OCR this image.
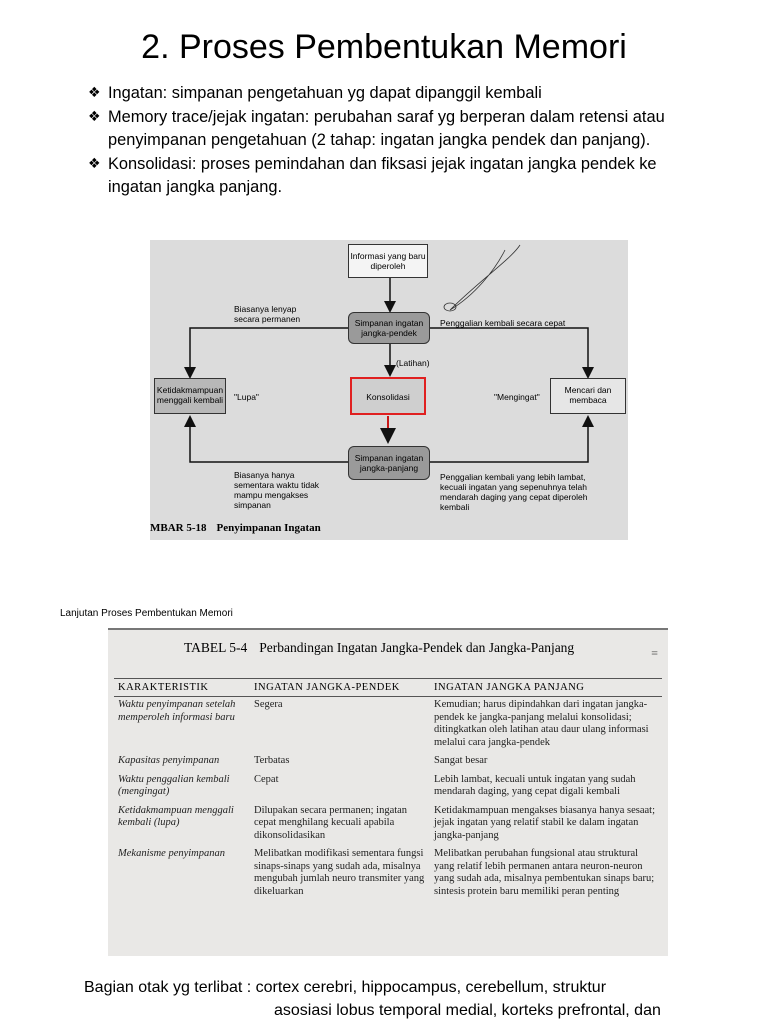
2. Proses Pembentukan Memori
❖ Ingatan: simpanan pengetahuan yg dapat dipanggil kembali
❖ Memory trace/jejak ingatan: perubahan saraf yg berperan dalam retensi atau penyimpanan pengetahuan (2 tahap: ingatan jangka pendek dan panjang).
❖ Konsolidasi: proses pemindahan dan fiksasi jejak ingatan jangka pendek ke ingatan jangka panjang.
Informasi yang baru diperoleh
Simpanan ingatan jangka-pendek
Konsolidasi
(Latihan)
Simpanan ingatan jangka-panjang
Ketidakmampuan menggali kembali	"Lupa"	"Mengingat"
Mencari dan membaca
Biasanya lenyap secara permanen	Penggalian kembali secara cepat
Biasanya hanya sementara waktu tidak mampu mengakses simpanan
Penggalian kembali yang lebih lambat, kecuali ingatan yang sepenuhnya telah mendarah daging yang cepat diperoleh kembali
MBAR 5-18 Penyimpanan Ingatan
Lanjutan Proses Pembentukan Memori
TABEL 5-4 Perbandingan Ingatan Jangka-Pendek dan Jangka-Panjang	≡
KARAKTERISTIK	INGATAN JANGKA-PENDEK	INGATAN JANGKA PANJANG
Waktu penyimpanan setelah memperoleh informasi baru	Segera	Kemudian; harus dipindahkan dari ingatan jangka-pendek ke jangka-panjang melalui konsolidasi; ditingkatkan oleh latihan atau daur ulang informasi melalui cara jangka-pendek
Kapasitas penyimpanan	Terbatas	Sangat besar
Waktu penggalian kembali (mengingat)	Cepat	Lebih lambat, kecuali untuk ingatan yang sudah mendarah daging, yang cepat digali kembali
Ketidakmampuan menggali kembali (lupa)	Dilupakan secara permanen; ingatan cepat menghilang kecuali apabila dikonsolidasikan	Ketidakmampuan mengakses biasanya hanya sesaat; jejak ingatan yang relatif stabil ke dalam ingatan jangka-panjang
Mekanisme penyimpanan	Melibatkan modifikasi sementara fungsi sinaps-sinaps yang sudah ada, misalnya mengubah jumlah neuro transmiter yang dikeluarkan	Melibatkan perubahan fungsional atau struktural yang relatif lebih permanen antara neuron-neuron yang sudah ada, misalnya pembentukan sinaps baru; sintesis protein baru memiliki peran penting
Bagian otak yg terlibat : cortex cerebri, hippocampus, cerebellum, struktur
asosiasi lobus temporal medial, korteks prefrontal, dan
